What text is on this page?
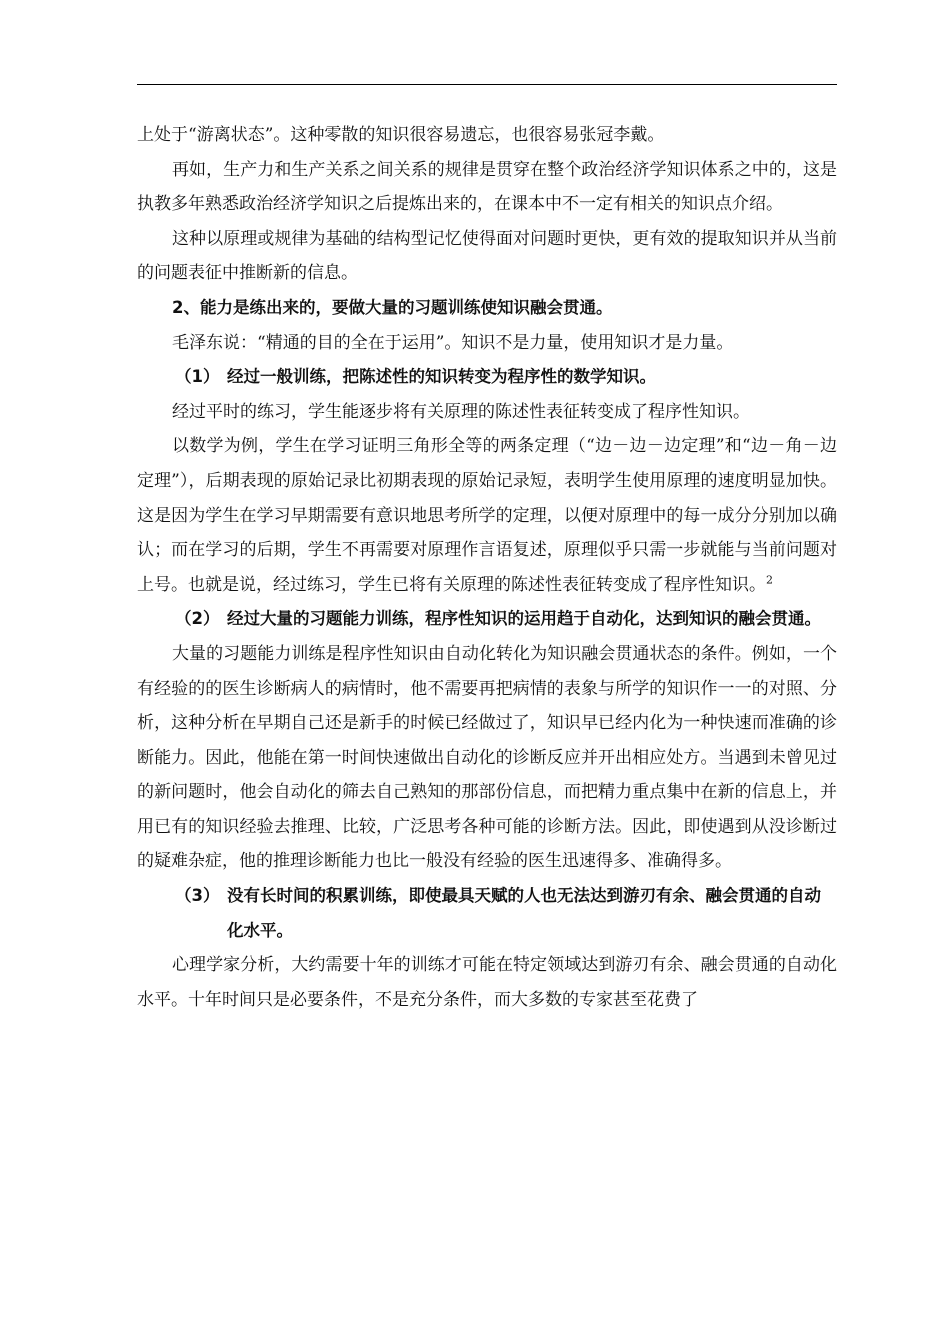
上处于“游离状态”。这种零散的知识很容易遗忘，也很容易张冠李戴。

再如，生产力和生产关系之间关系的规律是贯穿在整个政治经济学知识体系之中的，这是执教多年熟悉政治经济学知识之后提炼出来的，在课本中不一定有相关的知识点介绍。

这种以原理或规律为基础的结构型记忆使得面对问题时更快，更有效的提取知识并从当前的问题表征中推断新的信息。

2、能力是练出来的，要做大量的习题训练使知识融会贯通。

毛泽东说：“精通的目的全在于运用”。知识不是力量，使用知识才是力量。

（1） 经过一般训练，把陈述性的知识转变为程序性的数学知识。

经过平时的练习，学生能逐步将有关原理的陈述性表征转变成了程序性知识。

以数学为例，学生在学习证明三角形全等的两条定理（“边－边－边定理”和“边－角－边定理”），后期表现的原始记录比初期表现的原始记录短，表明学生使用原理的速度明显加快。这是因为学生在学习早期需要有意识地思考所学的定理，以便对原理中的每一成分分别加以确认；而在学习的后期，学生不再需要对原理作言语复述，原理似乎只需一步就能与当前问题对上号。也就是说，经过练习，学生已将有关原理的陈述性表征转变成了程序性知识。$^2$

（2） 经过大量的习题能力训练，程序性知识的运用趋于自动化，达到知识的融会贯通。

大量的习题能力训练是程序性知识由自动化转化为知识融会贯通状态的条件。例如，一个有经验的的医生诊断病人的病情时，他不需要再把病情的表象与所学的知识作一一的对照、分析，这种分析在早期自己还是新手的时候已经做过了，知识早已经内化为一种快速而准确的诊断能力。因此，他能在第一时间快速做出自动化的诊断反应并开出相应处方。当遇到未曾见过的新问题时，他会自动化的筛去自己熟知的那部份信息，而把精力重点集中在新的信息上，并用已有的知识经验去推理、比较，广泛思考各种可能的诊断方法。因此，即使遇到从没诊断过的疑难杂症，他的推理诊断能力也比一般没有经验的医生迅速得多、准确得多。

（3） 没有长时间的积累训练，即使最具天赋的人也无法达到游刃有余、融会贯通的自动化水平。

心理学家分析，大约需要十年的训练才可能在特定领域达到游刃有余、融会贯通的自动化水平。十年时间只是必要条件，不是充分条件，而大多数的专家甚至花费了
